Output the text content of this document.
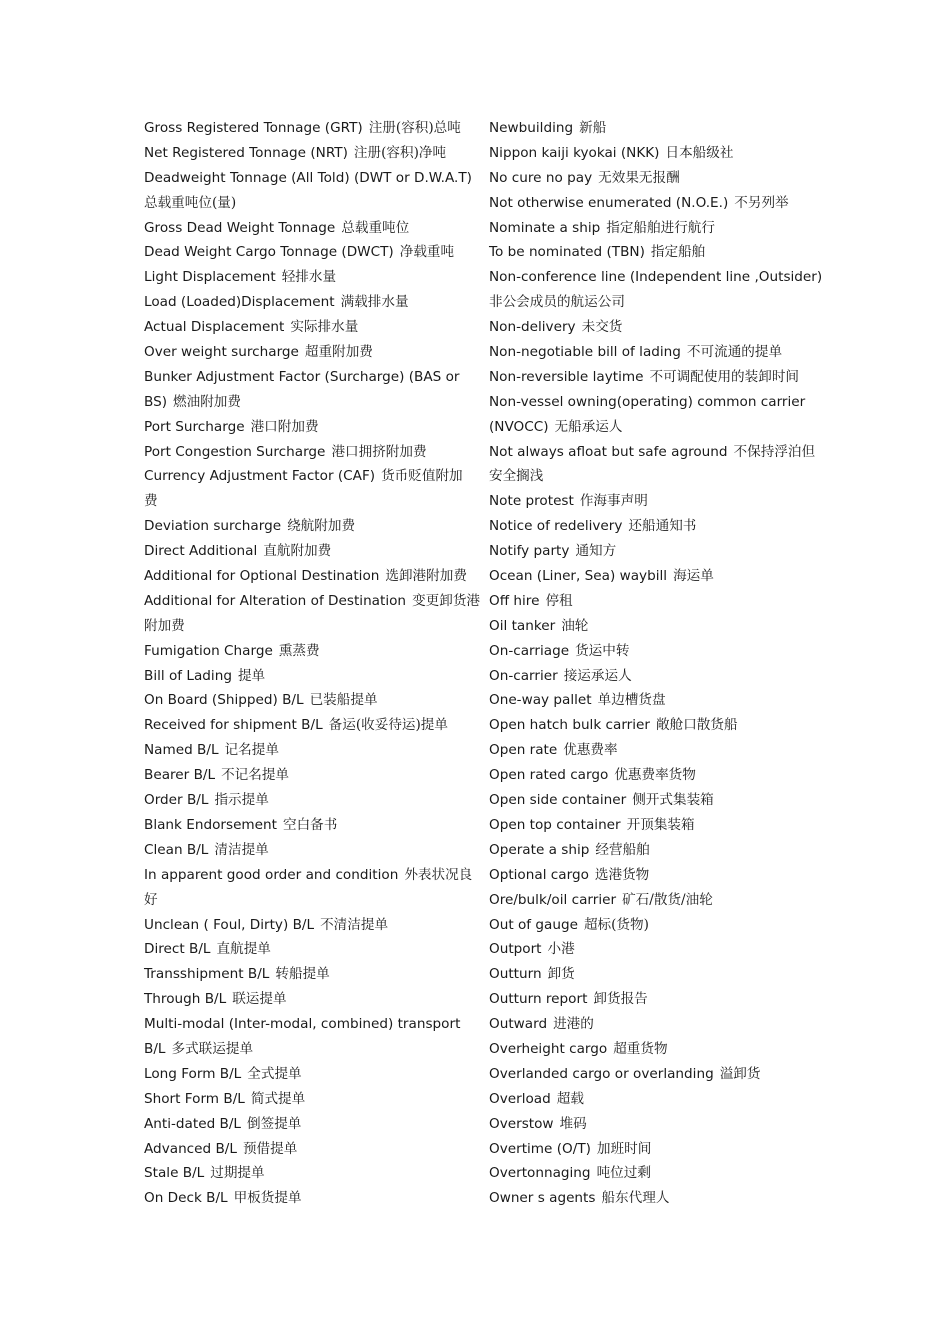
Gross Registered Tonnage (GRT) 注册(容积)总吨
Net Registered Tonnage (NRT) 注册(容积)净吨
Deadweight Tonnage (All Told) (DWT or D.W.A.T)
总载重吨位(量)
Gross Dead Weight Tonnage 总载重吨位
Dead Weight Cargo Tonnage (DWCT) 净载重吨
Light Displacement 轻排水量
Load (Loaded)Displacement 满载排水量
Actual Displacement 实际排水量
Over weight surcharge 超重附加费
Bunker Adjustment Factor (Surcharge) (BAS or
BS) 燃油附加费
Port Surcharge 港口附加费
Port Congestion Surcharge 港口拥挤附加费
Currency Adjustment Factor (CAF) 货币贬值附加
费
Deviation surcharge 绕航附加费
Direct Additional 直航附加费
Additional for Optional Destination 选卸港附加费
Additional for Alteration of Destination 变更卸货港
附加费
Fumigation Charge 熏蒸费
Bill of Lading 提单
On Board (Shipped) B/L 已装船提单
Received for shipment B/L 备运(收妥待运)提单
Named B/L 记名提单
Bearer B/L 不记名提单
Order B/L 指示提单
Blank Endorsement 空白备书
Clean B/L 清洁提单
In apparent good order and condition 外表状况良
好
Unclean ( Foul, Dirty) B/L 不清洁提单
Direct B/L 直航提单
Transshipment B/L 转船提单
Through B/L 联运提单
Multi-modal (Inter-modal, combined) transport
B/L 多式联运提单
Long Form B/L 全式提单
Short Form B/L 简式提单
Anti-dated B/L 倒签提单
Advanced B/L 预借提单
Stale B/L 过期提单
On Deck B/L 甲板货提单
Newbuilding 新船
Nippon kaiji kyokai (NKK) 日本船级社
No cure no pay 无效果无报酬
Not otherwise enumerated (N.O.E.) 不另列举
Nominate a ship 指定船舶进行航行
To be nominated (TBN) 指定船舶
Non-conference line (Independent line ,Outsider)
非公会成员的航运公司
Non-delivery 未交货
Non-negotiable bill of lading 不可流通的提单
Non-reversible laytime 不可调配使用的装卸时间
Non-vessel owning(operating) common carrier
(NVOCC) 无船承运人
Not always afloat but safe aground 不保持浮泊但
安全搁浅
Note protest 作海事声明
Notice of redelivery 还船通知书
Notify party 通知方
Ocean (Liner, Sea) waybill 海运单
Off hire 停租
Oil tanker 油轮
On-carriage 货运中转
On-carrier 接运承运人
One-way pallet 单边槽货盘
Open hatch bulk carrier 敞舱口散货船
Open rate 优惠费率
Open rated cargo 优惠费率货物
Open side container 侧开式集装箱
Open top container 开顶集装箱
Operate a ship 经营船舶
Optional cargo 选港货物
Ore/bulk/oil carrier 矿石/散货/油轮
Out of gauge 超标(货物)
Outport 小港
Outturn 卸货
Outturn report 卸货报告
Outward 进港的
Overheight cargo 超重货物
Overlanded cargo or overlanding 溢卸货
Overload 超载
Overstow 堆码
Overtime (O/T) 加班时间
Overtonnaging 吨位过剩
Owner s agents 船东代理人
